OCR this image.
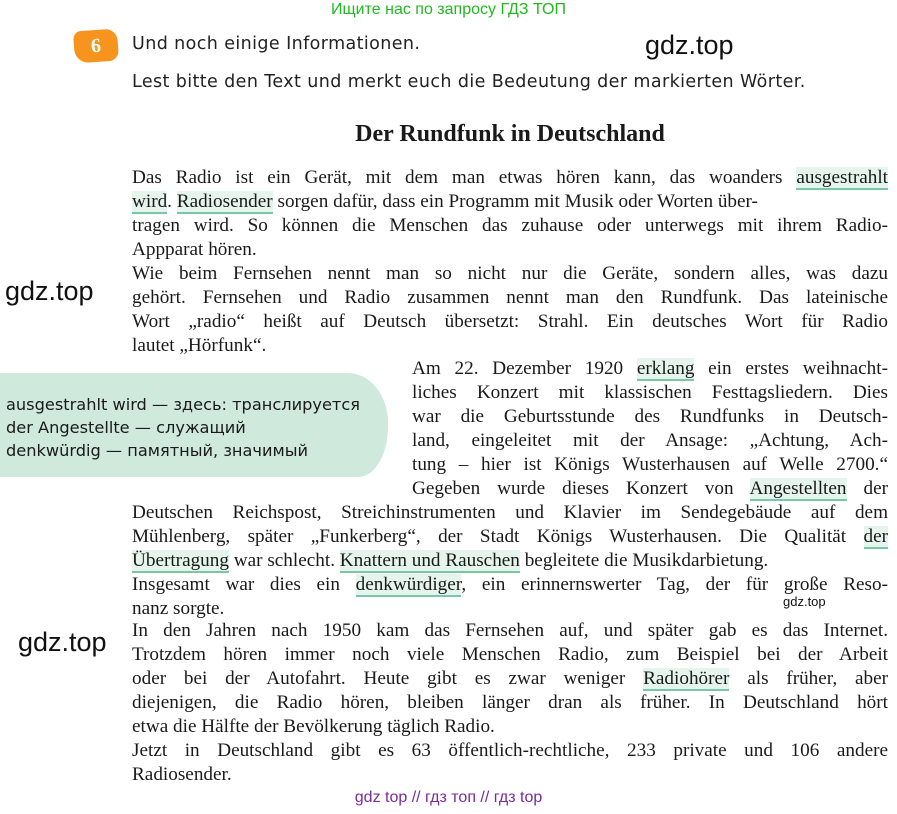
Ищите нас по запросу ГДЗ ТОП
6	Und noch einige Informationen.
Lest bitte den Text und merkt euch die Bedeutung der markierten Wörter.
gdz.top
gdz.top
gdz.top
gdz.top
Der Rundfunk in Deutschland
Das Radio ist ein Gerät, mit dem man etwas hören kann, das woanders ausgestrahlt
wird. Radiosender sorgen dafür, dass ein Programm mit Musik oder Worten über-
tragen wird. So können die Menschen das zuhause oder unterwegs mit ihrem Radio-
Appparat hören.
Wie beim Fernsehen nennt man so nicht nur die Geräte, sondern alles, was dazu
gehört. Fernsehen und Radio zusammen nennt man den Rundfunk. Das lateinische
Wort „radio“ heißt auf Deutsch übersetzt: Strahl. Ein deutsches Wort für Radio
lautet „Hörfunk“.
ausgestrahlt wird — здесь: транслируется
der Angestellte — служащий
denkwürdig — памятный, значимый
Am 22. Dezember 1920 erklang ein erstes weihnacht-
liches Konzert mit klassischen Festtagsliedern. Dies
war die Geburtsstunde des Rundfunks in Deutsch-
land, eingeleitet mit der Ansage: „Achtung, Ach-
tung – hier ist Königs Wusterhausen auf Welle 2700.“
Gegeben wurde dieses Konzert von Angestellten der
Deutschen Reichspost, Streichinstrumenten und Klavier im Sendegebäude auf dem
Mühlenberg, später „Funkerberg“, der Stadt Königs Wusterhausen. Die Qualität der
Übertragung war schlecht. Knattern und Rauschen begleitete die Musikdarbietung.
Insgesamt war dies ein denkwürdiger, ein erinnernswerter Tag, der für große Reso-
nanz sorgte.
In den Jahren nach 1950 kam das Fernsehen auf, und später gab es das Internet.
Trotzdem hören immer noch viele Menschen Radio, zum Beispiel bei der Arbeit
oder bei der Autofahrt. Heute gibt es zwar weniger Radiohörer als früher, aber
diejenigen, die Radio hören, bleiben länger dran als früher. In Deutschland hört
etwa die Hälfte der Bevölkerung täglich Radio.
Jetzt in Deutschland gibt es 63 öffentlich-rechtliche, 233 private und 106 andere
Radiosender.
gdz top // гдз топ // гдз top
